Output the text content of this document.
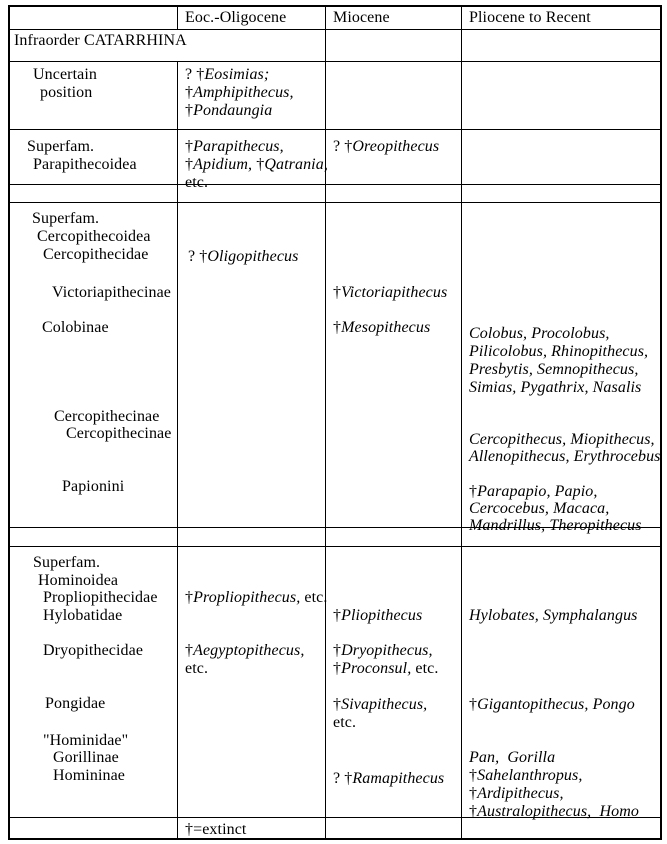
Eoc.-Oligocene	Miocene	Pliocene to Recent
Infraorder CATARRHINA
Uncertain
position
? †Eosimias;
†Amphipithecus,
†Pondaungia
Superfam.
Parapithecoidea
†Parapithecus,
†Apidium, †Qatrania,
etc.
? †Oreopithecus
Superfam.
Cercopithecoidea
Cercopithecidae
Victoriapithecinae
Colobinae
Cercopithecinae
Cercopithecinae
Papionini
? †Oligopithecus
†Victoriapithecus
†Mesopithecus Colobus, Procolobus,
Pilicolobus, Rhinopithecus,
Presbytis, Semnopithecus,
Simias, Pygathrix, Nasalis
Cercopithecus, Miopithecus,
Allenopithecus, Erythrocebus
†Parapapio, Papio,
Cercocebus, Macaca,
Mandrillus, Theropithecus
Superfam.
Hominoidea
Propliopithecidae
Hylobatidae
Dryopithecidae
Pongidae
"Hominidae"
Gorillinae
Homininae
†Propliopithecus, etc.
†Aegyptopithecus,
etc.
†Pliopithecus
†Dryopithecus,
†Proconsul, etc.
†Sivapithecus,
etc.
? †Ramapithecus
Hylobates, Symphalangus
†Gigantopithecus, Pongo
Pan,  Gorilla
†Sahelanthropus,
†Ardipithecus,
†Australopithecus,  Homo
†=extinct
